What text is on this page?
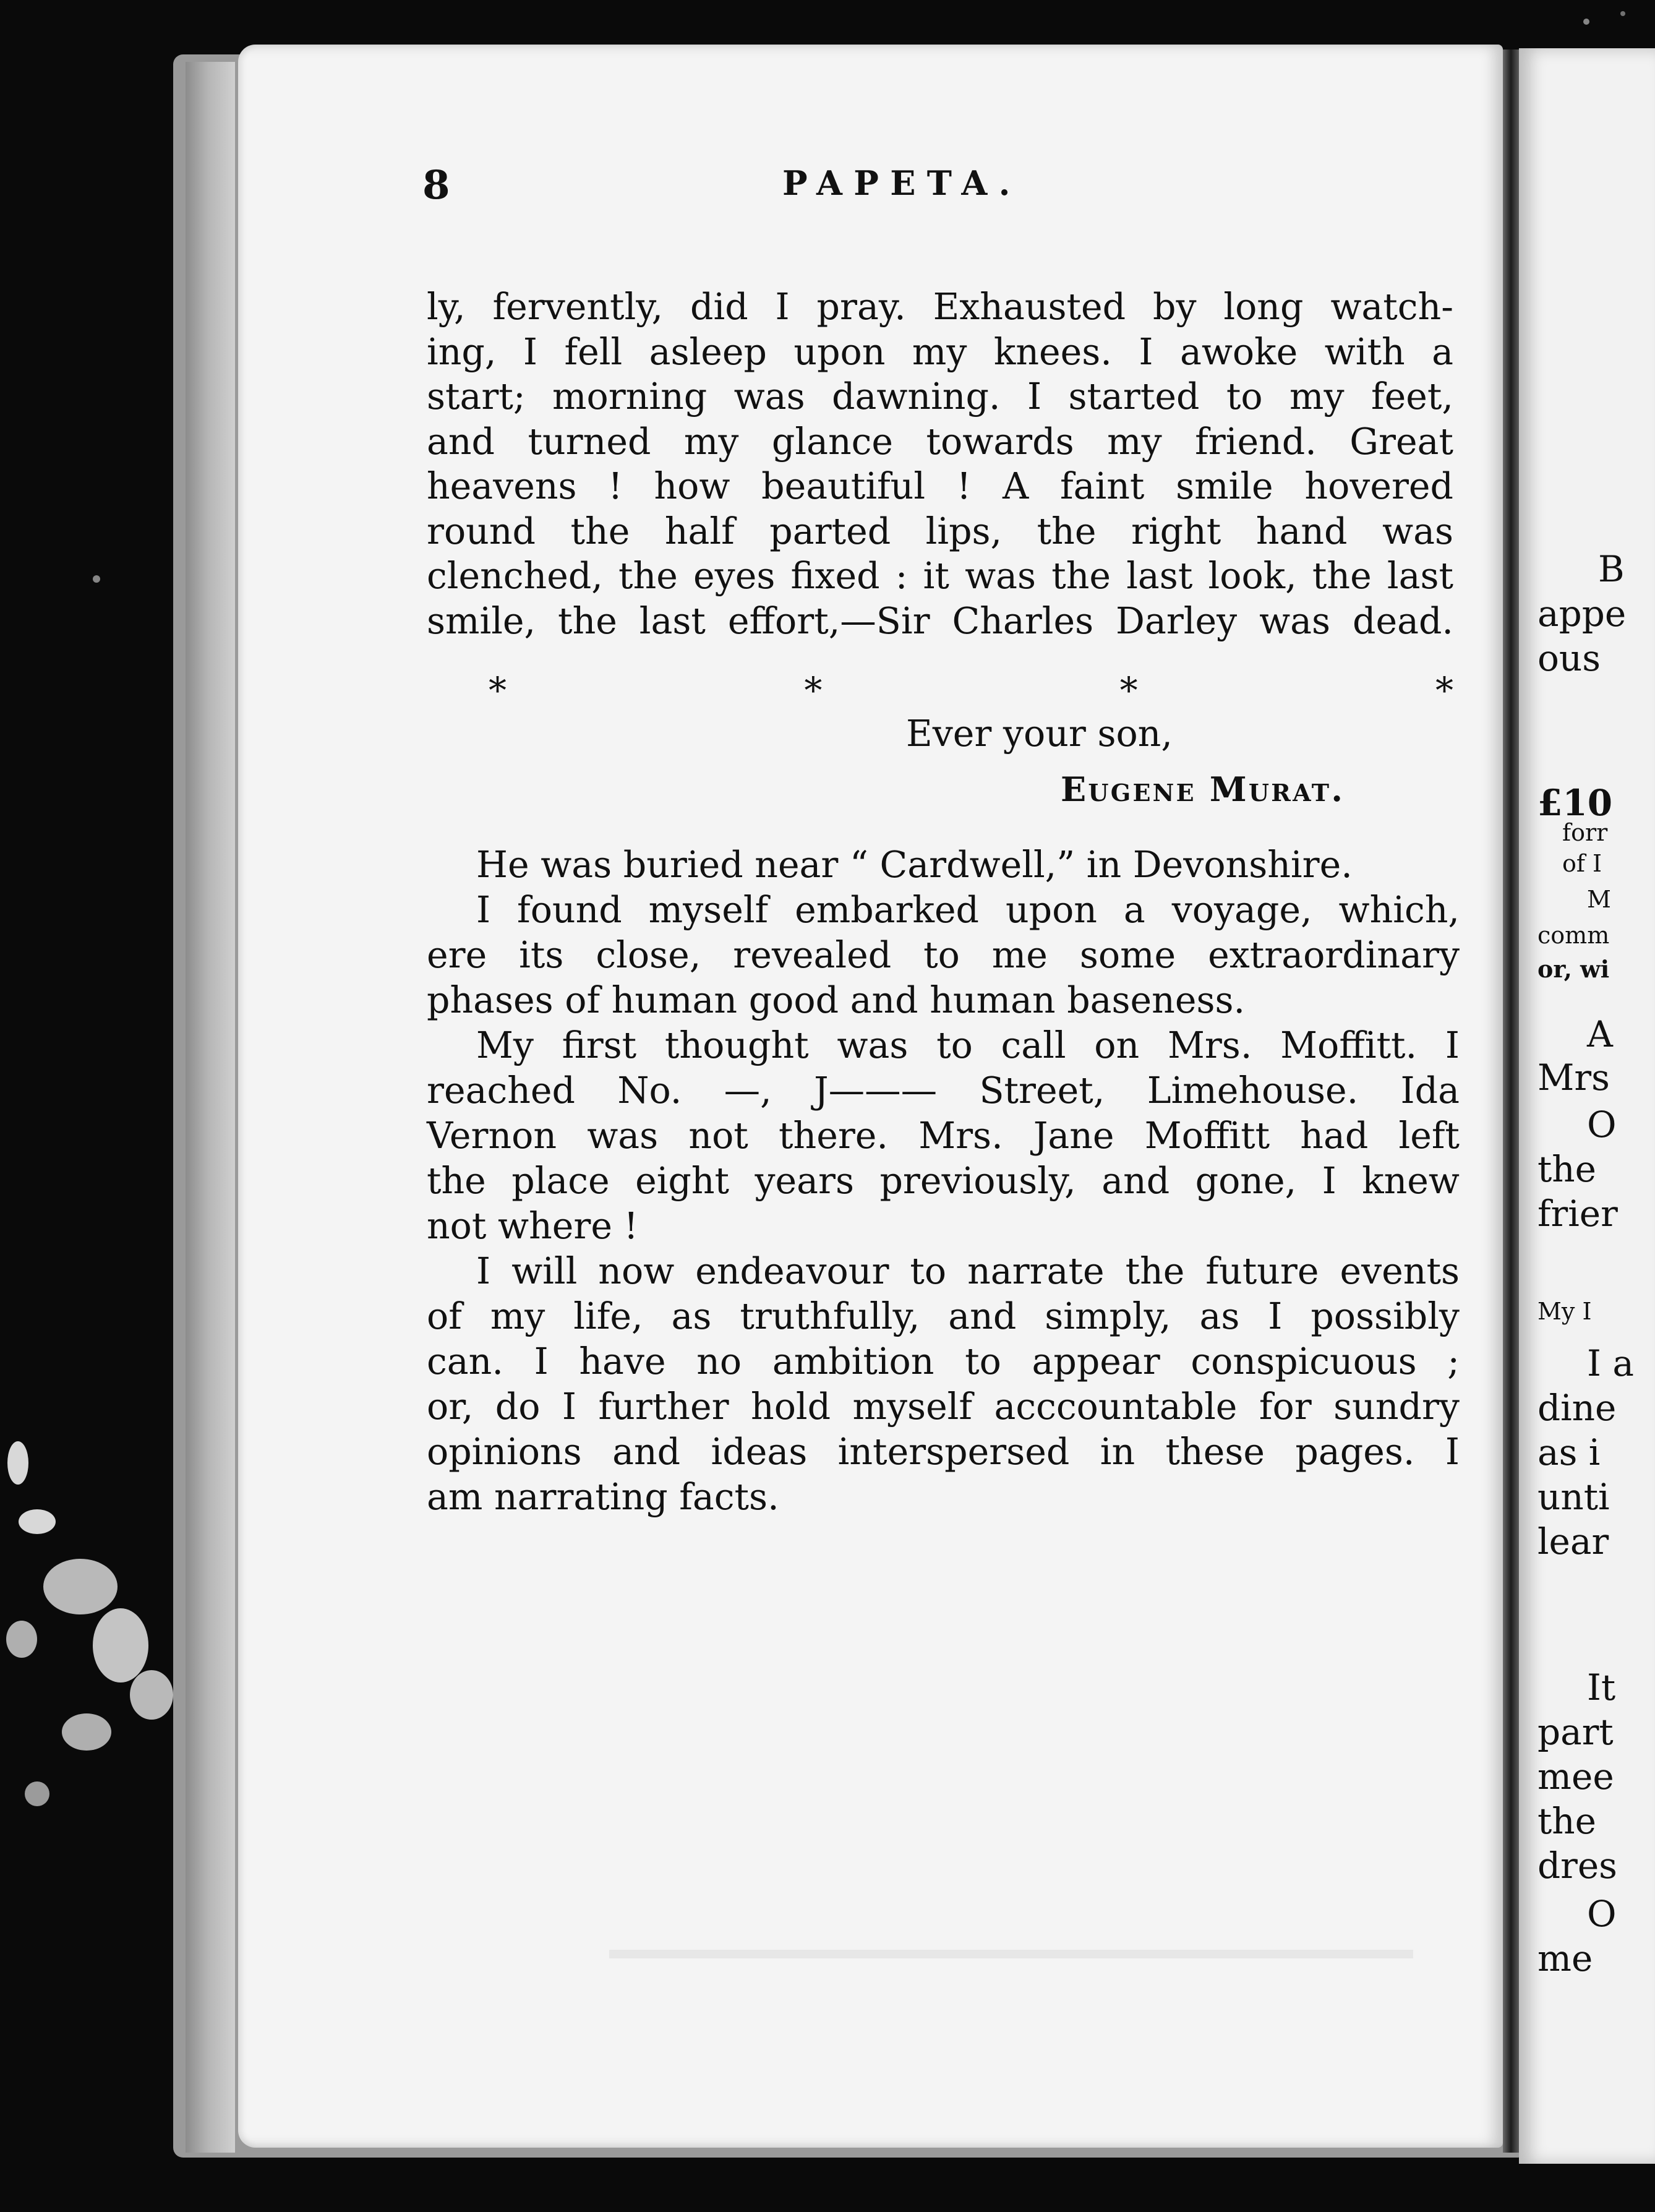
8	PAPETA.
ly, fervently, did I pray. Exhausted by long watch-
ing, I fell asleep upon my knees. I awoke with a
start; morning was dawning. I started to my feet,
and turned my glance towards my friend. Great
heavens ! how beautiful ! A faint smile hovered
round the half parted lips, the right hand was
clenched, the eyes fixed : it was the last look, the last
smile, the last effort,—Sir Charles Darley was dead.
*	*	*	*
Ever your son,
Eugene Murat.
He was buried near “ Cardwell,” in Devonshire.
I found myself embarked upon a voyage, which,
ere its close, revealed to me some extraordinary
phases of human good and human baseness.
My first thought was to call on Mrs. Moffitt. I
reached No. —, J——— Street, Limehouse. Ida
Vernon was not there. Mrs. Jane Moffitt had left
the place eight years previously, and gone, I knew
not where !
I will now endeavour to narrate the future events
of my life, as truthfully, and simply, as I possibly
can. I have no ambition to appear conspicuous ;
or, do I further hold myself acccountable for sundry
opinions and ideas interspersed in these pages. I
am narrating facts.
B
appe
ous
£10
forr
of I
M
comm
or, wi
A
Mrs
O
the
frier
My I
I a
dine
as i
unti
lear
It
part
mee
the
dres
O
me
